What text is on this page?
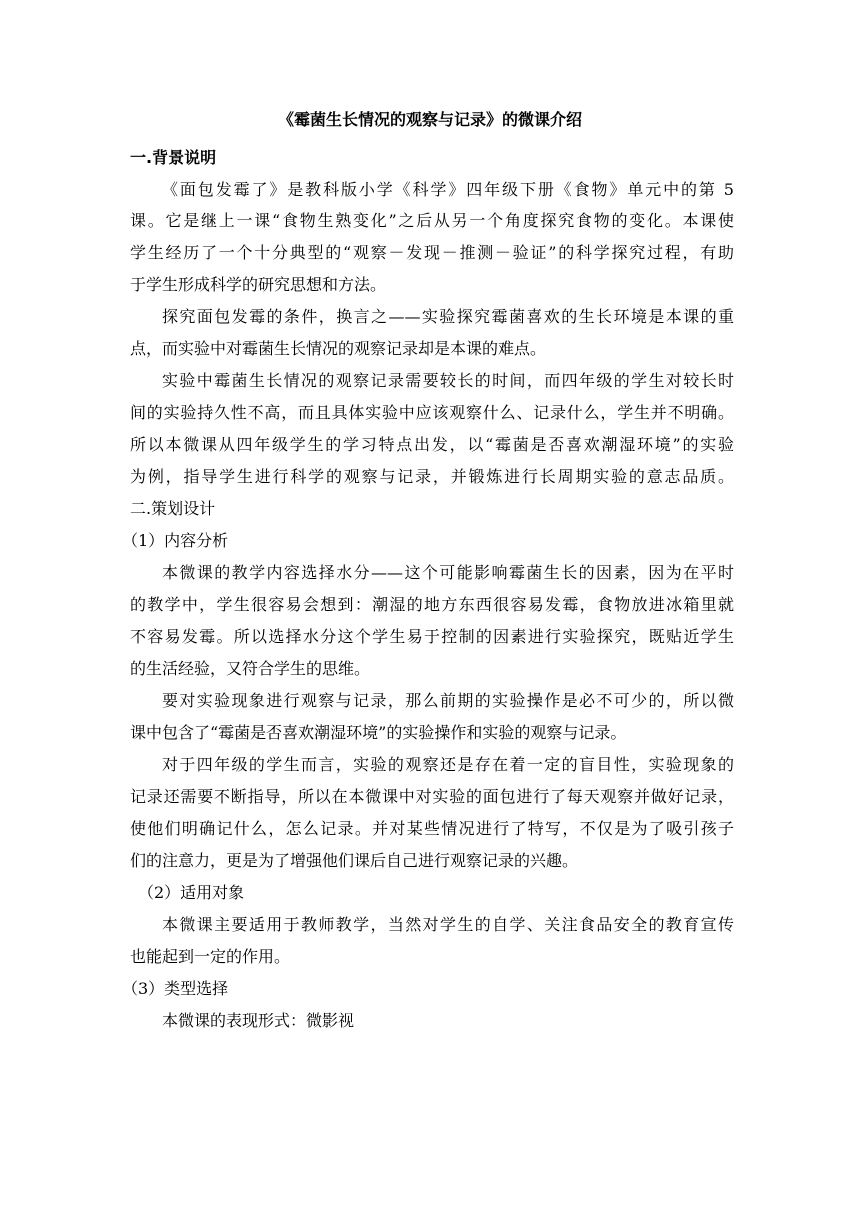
《霉菌生长情况的观察与记录》的微课介绍
一.背景说明
《面包发霉了》是教科版小学《科学》四年级下册《食物》单元中的第 5
课。它是继上一课“食物生熟变化”之后从另一个角度探究食物的变化。本课使
学生经历了一个十分典型的“观察－发现－推测－验证”的科学探究过程，有助
于学生形成科学的研究思想和方法。
探究面包发霉的条件，换言之——实验探究霉菌喜欢的生长环境是本课的重
点，而实验中对霉菌生长情况的观察记录却是本课的难点。
实验中霉菌生长情况的观察记录需要较长的时间，而四年级的学生对较长时
间的实验持久性不高，而且具体实验中应该观察什么、记录什么，学生并不明确。
所以本微课从四年级学生的学习特点出发，以“霉菌是否喜欢潮湿环境”的实验
为例，指导学生进行科学的观察与记录，并锻炼进行长周期实验的意志品质。
二.策划设计
（1）内容分析
本微课的教学内容选择水分——这个可能影响霉菌生长的因素，因为在平时
的教学中，学生很容易会想到：潮湿的地方东西很容易发霉，食物放进冰箱里就
不容易发霉。所以选择水分这个学生易于控制的因素进行实验探究，既贴近学生
的生活经验，又符合学生的思维。
要对实验现象进行观察与记录，那么前期的实验操作是必不可少的，所以微
课中包含了“霉菌是否喜欢潮湿环境”的实验操作和实验的观察与记录。
对于四年级的学生而言，实验的观察还是存在着一定的盲目性，实验现象的
记录还需要不断指导，所以在本微课中对实验的面包进行了每天观察并做好记录，
使他们明确记什么，怎么记录。并对某些情况进行了特写，不仅是为了吸引孩子
们的注意力，更是为了增强他们课后自己进行观察记录的兴趣。
（2）适用对象
本微课主要适用于教师教学，当然对学生的自学、关注食品安全的教育宣传
也能起到一定的作用。
（3）类型选择
本微课的表现形式：微影视
